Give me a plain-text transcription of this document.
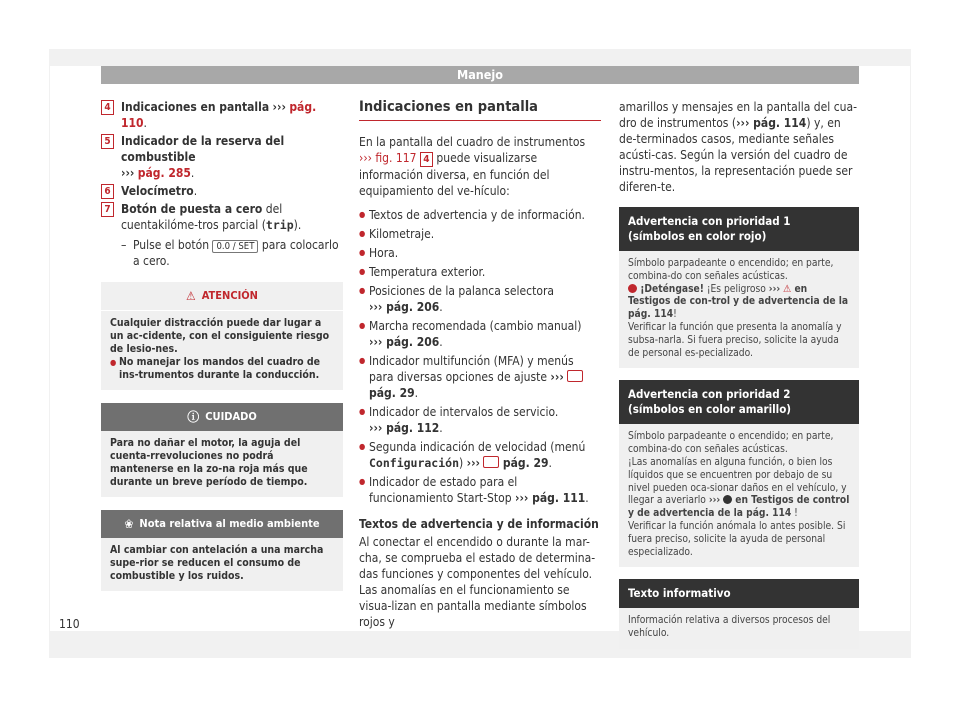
Manejo
4 Indicaciones en pantalla ››› pág. 110.
5 Indicador de la reserva del combustible
››› pág. 285.
6 Velocímetro.
7 Botón de puesta a cero del cuentakilóme-tros parcial (trip).
– Pulse el botón 0.0 / SET para colocarlo a cero.
⚠ ATENCIÓN
Cualquier distracción puede dar lugar a un ac-cidente, con el consiguiente riesgo de lesio-nes.
● No manejar los mandos del cuadro de ins-trumentos durante la conducción.
ⓘ CUIDADO
Para no dañar el motor, la aguja del cuenta-rrevoluciones no podrá mantenerse en la zo-na roja más que durante un breve período de tiempo.
❀ Nota relativa al medio ambiente
Al cambiar con antelación a una marcha supe-rior se reducen el consumo de combustible y los ruidos.
Indicaciones en pantalla
En la pantalla del cuadro de instrumentos ››› fig. 117 4 puede visualizarse información diversa, en función del equipamiento del ve-hículo:
● Textos de advertencia y de información.
● Kilometraje.
● Hora.
● Temperatura exterior.
● Posiciones de la palanca selectora
››› pág. 206.
● Marcha recomendada (cambio manual)
››› pág. 206.
● Indicador multifunción (MFA) y menús para diversas opciones de ajuste ›››  pág. 29.
● Indicador de intervalos de servicio.
››› pág. 112.
● Segunda indicación de velocidad (menú Configuración) ››› pág. 29.
● Indicador de estado para el funcionamiento Start-Stop ››› pág. 111.
Textos de advertencia y de información
Al conectar el encendido o durante la mar-cha, se comprueba el estado de determina-das funciones y componentes del vehículo. Las anomalías en el funcionamiento se visua-lizan en pantalla mediante símbolos rojos y
amarillos y mensajes en la pantalla del cua-dro de instrumentos (››› pág. 114) y, en de-terminados casos, mediante señales acústi-cas. Según la versión del cuadro de instru-mentos, la representación puede ser diferen-te.
Advertencia con prioridad 1 (símbolos en color rojo)
Símbolo parpadeante o encendido; en parte, combina-do con señales acústicas.
¡Deténgase! ¡Es peligroso ››› ⚠ en Testigos de con-trol y de advertencia de la pág. 114!
Verificar la función que presenta la anomalía y subsa-narla. Si fuera preciso, solicite la ayuda de personal es-pecializado.
Advertencia con prioridad 2 (símbolos en color amarillo)
Símbolo parpadeante o encendido; en parte, combina-do con señales acústicas.
¡Las anomalías en alguna función, o bien los líquidos que se encuentren por debajo de su nivel pueden oca-sionar daños en el vehículo, y llegar a averiarlo ›››  en Testigos de control y de advertencia de la pág. 114 !
Verificar la función anómala lo antes posible. Si fuera preciso, solicite la ayuda de personal especializado.
Texto informativo
Información relativa a diversos procesos del vehículo.
110
